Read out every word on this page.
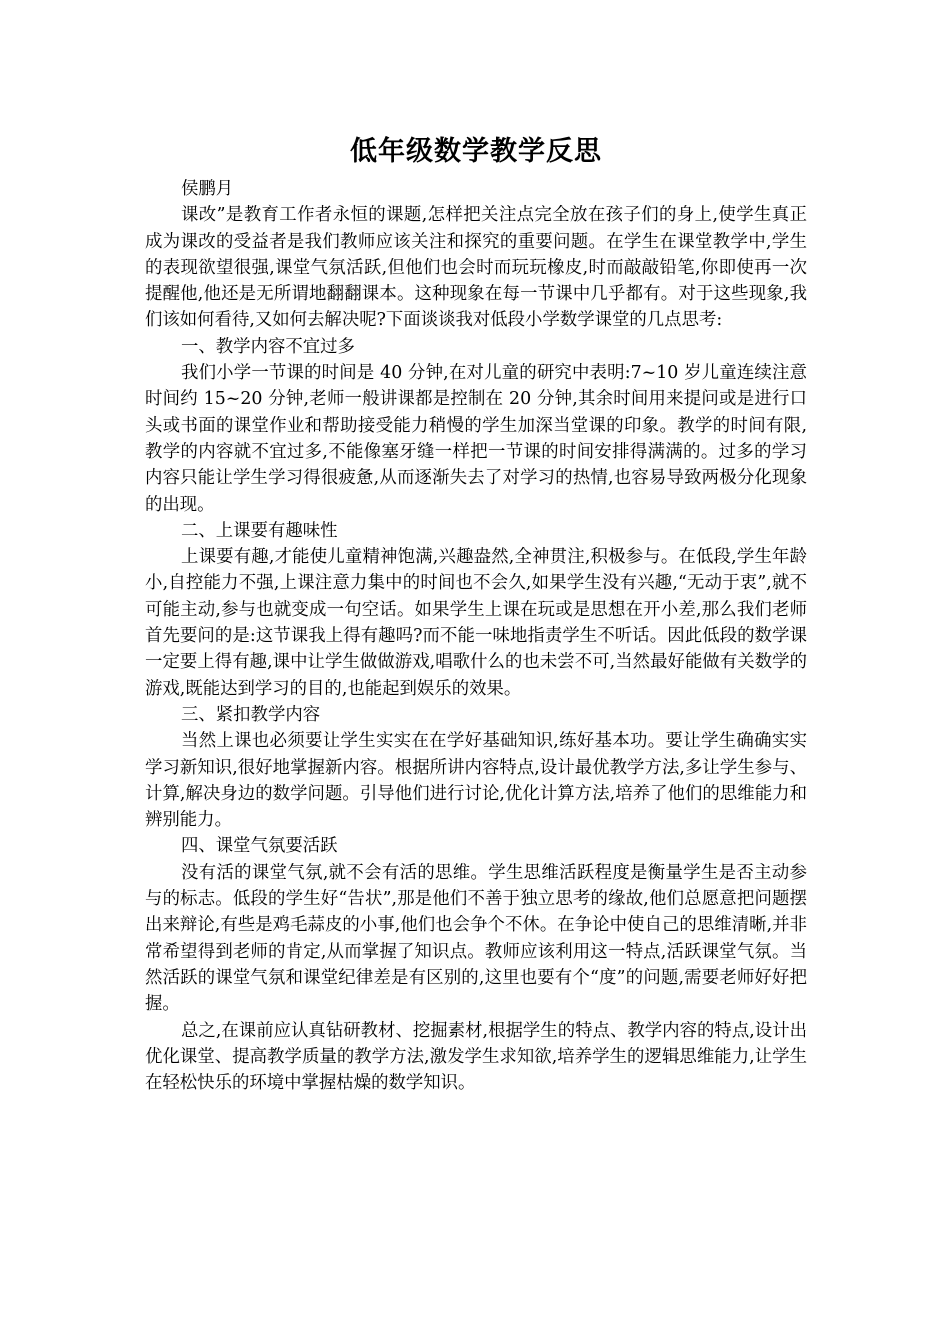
低年级数学教学反思

侯鹏月

课改”是教育工作者永恒的课题,怎样把关注点完全放在孩子们的身上,使学生真正成为课改的受益者是我们教师应该关注和探究的重要问题。在学生在课堂教学中,学生的表现欲望很强,课堂气氛活跃,但他们也会时而玩玩橡皮,时而敲敲铅笔,你即使再一次提醒他,他还是无所谓地翻翻课本。这种现象在每一节课中几乎都有。对于这些现象,我们该如何看待,又如何去解决呢?下面谈谈我对低段小学数学课堂的几点思考:

一、教学内容不宜过多

我们小学一节课的时间是 40 分钟,在对儿童的研究中表明:7~10 岁儿童连续注意时间约 15~20 分钟,老师一般讲课都是控制在 20 分钟,其余时间用来提问或是进行口头或书面的课堂作业和帮助接受能力稍慢的学生加深当堂课的印象。教学的时间有限,教学的内容就不宜过多,不能像塞牙缝一样把一节课的时间安排得满满的。过多的学习内容只能让学生学习得很疲惫,从而逐渐失去了对学习的热情,也容易导致两极分化现象的出现。

二、上课要有趣味性

上课要有趣,才能使儿童精神饱满,兴趣盎然,全神贯注,积极参与。在低段,学生年龄小,自控能力不强,上课注意力集中的时间也不会久,如果学生没有兴趣,“无动于衷”,就不可能主动,参与也就变成一句空话。如果学生上课在玩或是思想在开小差,那么我们老师首先要问的是:这节课我上得有趣吗?而不能一味地指责学生不听话。因此低段的数学课一定要上得有趣,课中让学生做做游戏,唱歌什么的也未尝不可,当然最好能做有关数学的游戏,既能达到学习的目的,也能起到娱乐的效果。

三、紧扣教学内容

当然上课也必须要让学生实实在在学好基础知识,练好基本功。要让学生确确实实学习新知识,很好地掌握新内容。根据所讲内容特点,设计最优教学方法,多让学生参与、计算,解决身边的数学问题。引导他们进行讨论,优化计算方法,培养了他们的思维能力和辨别能力。

四、课堂气氛要活跃

没有活的课堂气氛,就不会有活的思维。学生思维活跃程度是衡量学生是否主动参与的标志。低段的学生好“告状”,那是他们不善于独立思考的缘故,他们总愿意把问题摆出来辩论,有些是鸡毛蒜皮的小事,他们也会争个不休。在争论中使自己的思维清晰,并非常希望得到老师的肯定,从而掌握了知识点。教师应该利用这一特点,活跃课堂气氛。当然活跃的课堂气氛和课堂纪律差是有区别的,这里也要有个“度”的问题,需要老师好好把握。

总之,在课前应认真钻研教材、挖掘素材,根据学生的特点、教学内容的特点,设计出优化课堂、提高教学质量的教学方法,激发学生求知欲,培养学生的逻辑思维能力,让学生在轻松快乐的环境中掌握枯燥的数学知识。
